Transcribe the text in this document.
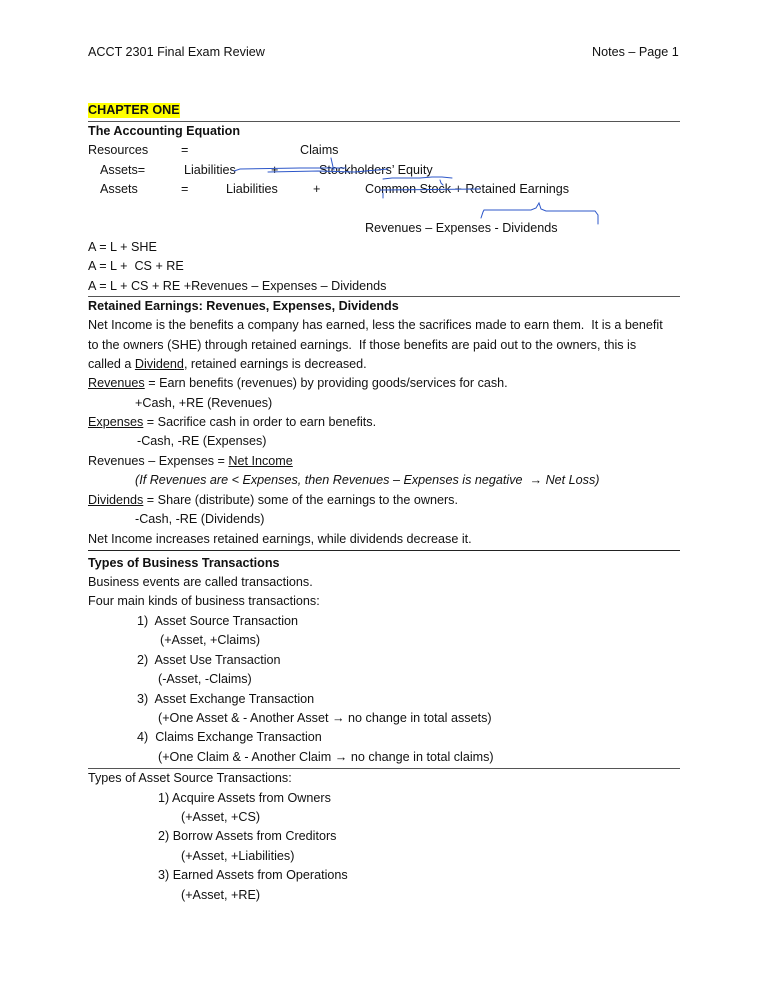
ACCT 2301 Final Exam Review	Notes – Page 1
CHAPTER ONE
The Accounting Equation
Resources	=	Claims
Assets=	Liabilities	+	Stockholders’ Equity
Assets	=	Liabilities	+	Common Stock + Retained Earnings
Revenues – Expenses - Dividends
A = L + SHE
A = L +  CS + RE
A = L + CS + RE +Revenues – Expenses – Dividends
Retained Earnings: Revenues, Expenses, Dividends
Net Income is the benefits a company has earned, less the sacrifices made to earn them.  It is a benefit
to the owners (SHE) through retained earnings.  If those benefits are paid out to the owners, this is
called a Dividend, retained earnings is decreased.
Revenues = Earn benefits (revenues) by providing goods/services for cash.
+Cash, +RE (Revenues)
Expenses = Sacrifice cash in order to earn benefits.
-Cash, -RE (Expenses)
Revenues – Expenses = Net Income
(If Revenues are < Expenses, then Revenues – Expenses is negative  → Net Loss)
Dividends = Share (distribute) some of the earnings to the owners.
-Cash, -RE (Dividends)
Net Income increases retained earnings, while dividends decrease it.
Types of Business Transactions
Business events are called transactions.
Four main kinds of business transactions:
1) Asset Source Transaction
(+Asset, +Claims)
2) Asset Use Transaction
(-Asset, -Claims)
3) Asset Exchange Transaction
(+One Asset & - Another Asset → no change in total assets)
4) Claims Exchange Transaction
(+One Claim & - Another Claim → no change in total claims)
Types of Asset Source Transactions:
1) Acquire Assets from Owners
(+Asset, +CS)
2) Borrow Assets from Creditors
(+Asset, +Liabilities)
3) Earned Assets from Operations
(+Asset, +RE)
